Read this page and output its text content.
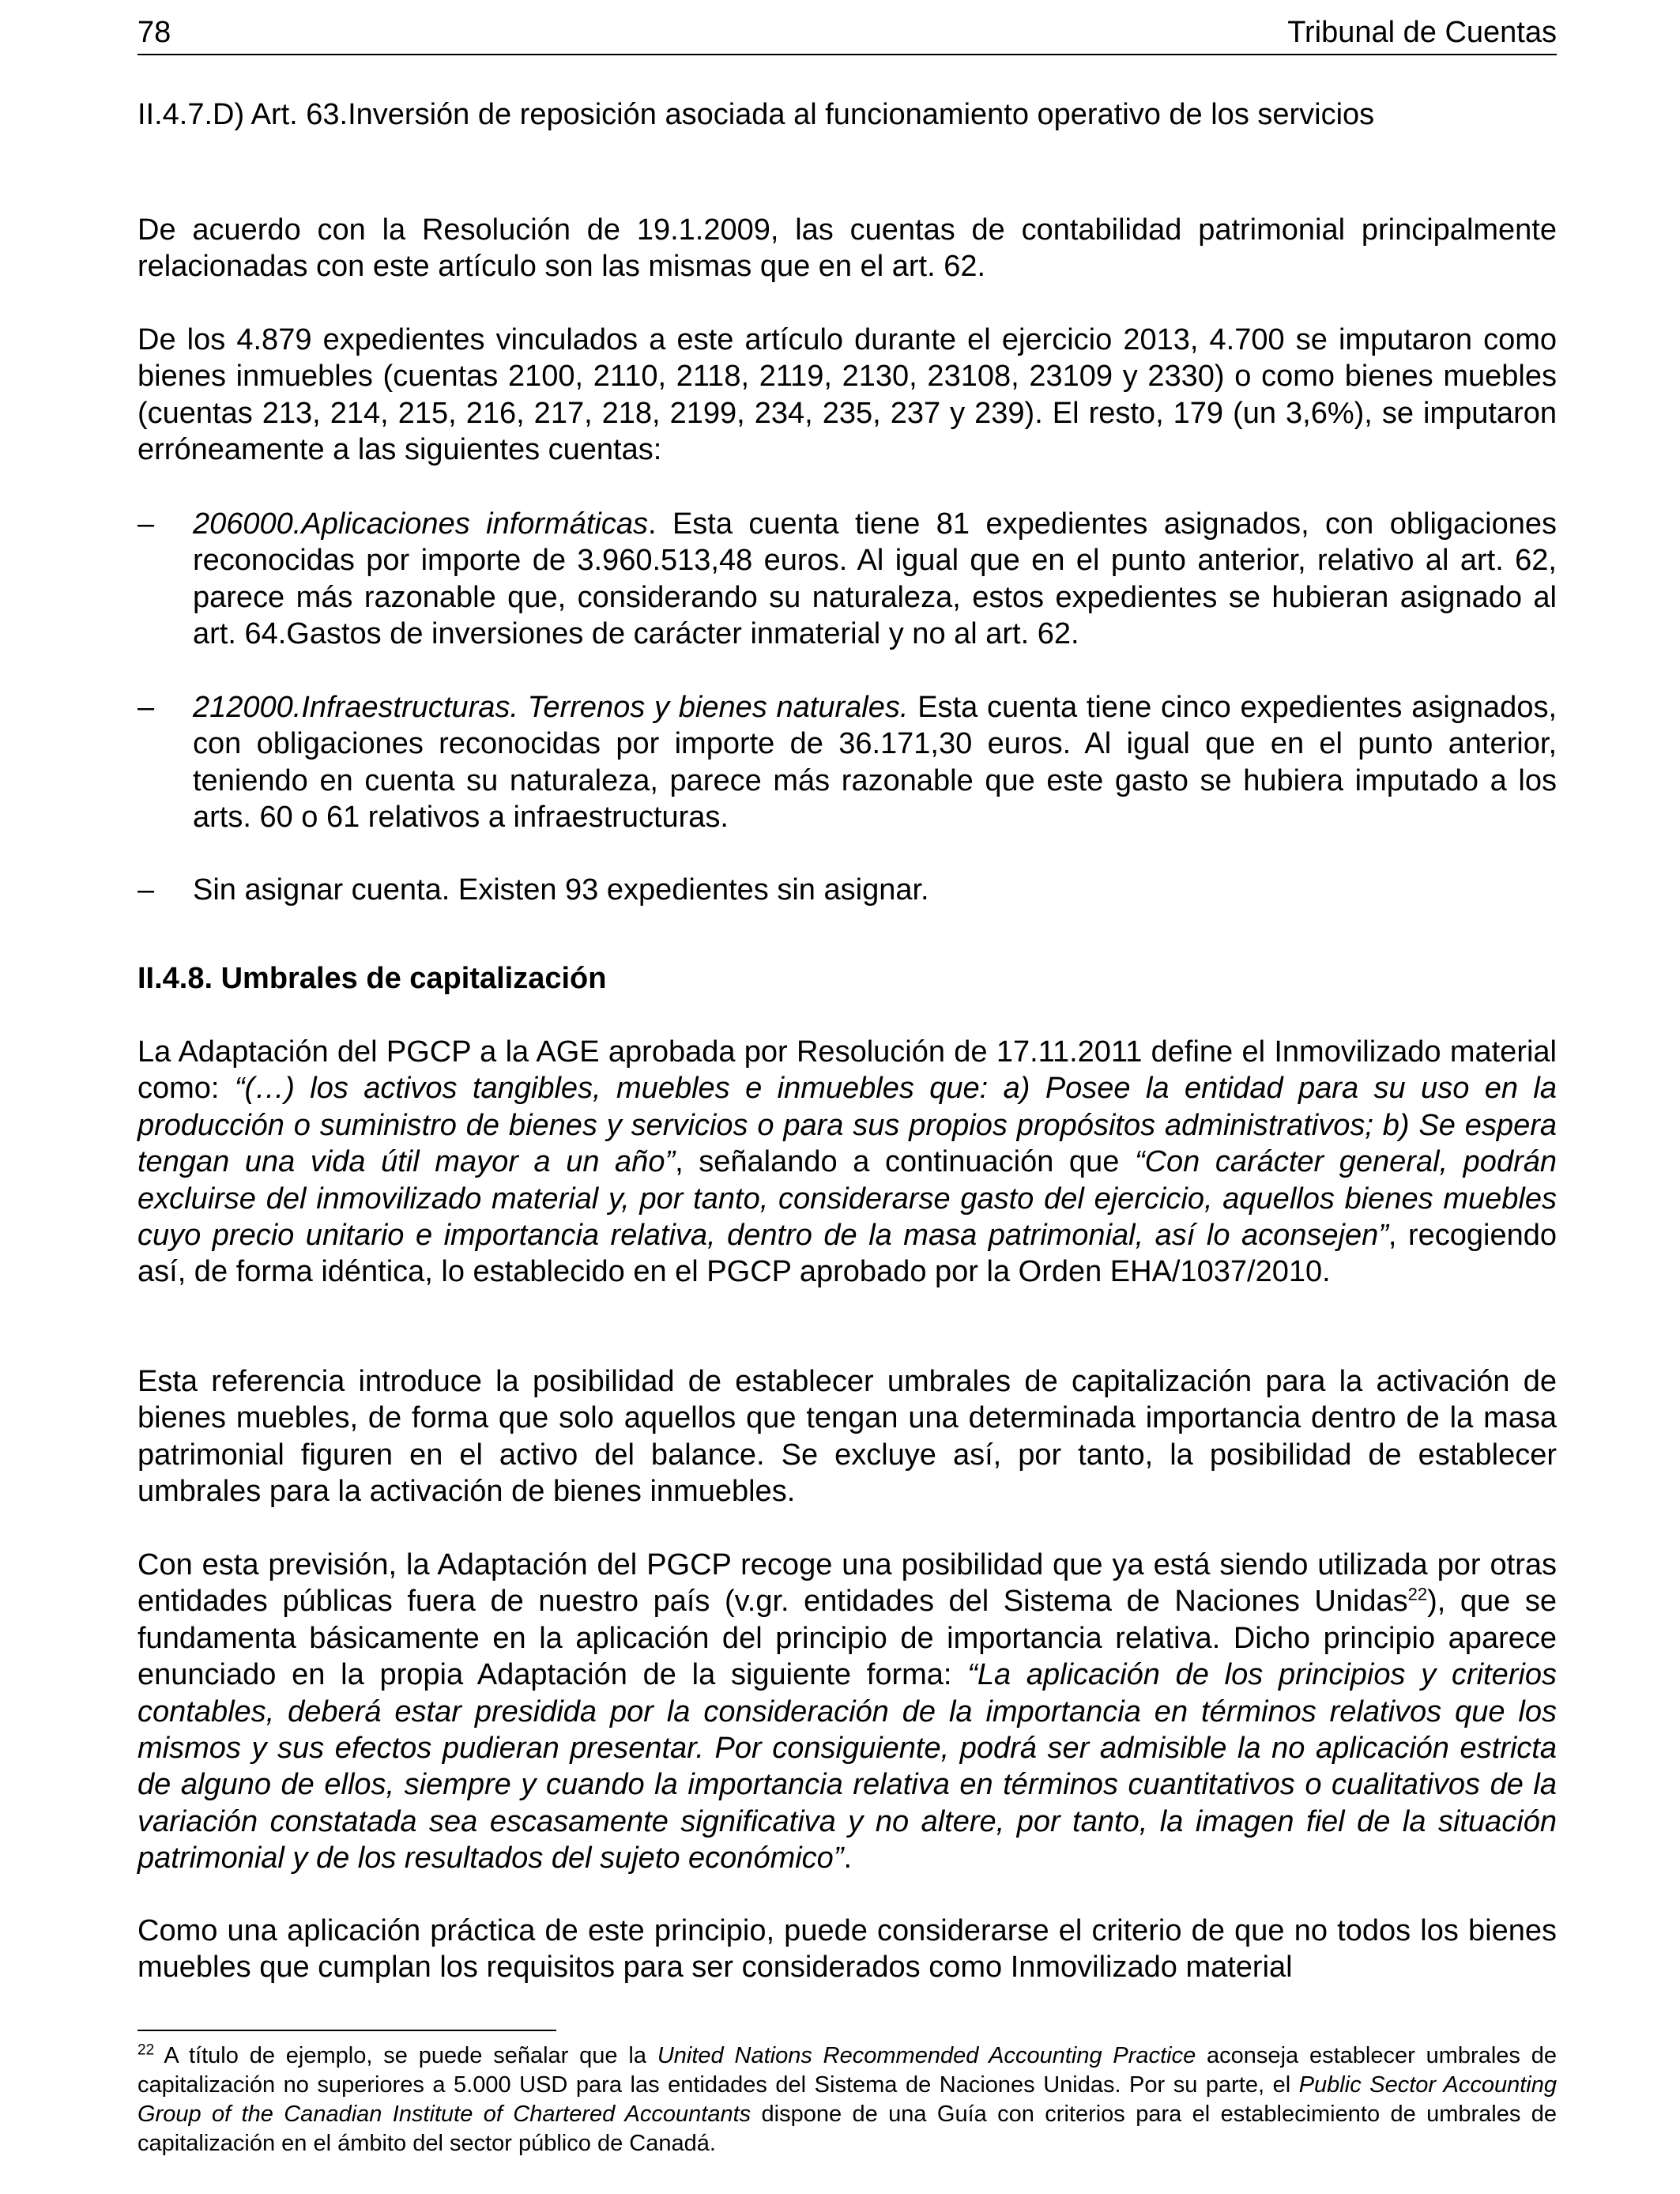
78	Tribunal de Cuentas

II.4.7.D) Art. 63.Inversión de reposición asociada al funcionamiento operativo de los servicios

De acuerdo con la Resolución de 19.1.2009, las cuentas de contabilidad patrimonial principalmente relacionadas con este artículo son las mismas que en el art. 62.

De los 4.879 expedientes vinculados a este artículo durante el ejercicio 2013, 4.700 se imputaron como bienes inmuebles (cuentas 2100, 2110, 2118, 2119, 2130, 23108, 23109 y 2330) o como bienes muebles (cuentas 213, 214, 215, 216, 217, 218, 2199, 234, 235, 237 y 239). El resto, 179 (un 3,6%), se imputaron erróneamente a las siguientes cuentas:

–	206000.Aplicaciones informáticas. Esta cuenta tiene 81 expedientes asignados, con obligaciones reconocidas por importe de 3.960.513,48 euros. Al igual que en el punto anterior, relativo al art. 62, parece más razonable que, considerando su naturaleza, estos expedientes se hubieran asignado al art. 64.Gastos de inversiones de carácter inmaterial y no al art. 62.

–	212000.Infraestructuras. Terrenos y bienes naturales. Esta cuenta tiene cinco expedientes asignados, con obligaciones reconocidas por importe de 36.171,30 euros. Al igual que en el punto anterior, teniendo en cuenta su naturaleza, parece más razonable que este gasto se hubiera imputado a los arts. 60 o 61 relativos a infraestructuras.

–	Sin asignar cuenta. Existen 93 expedientes sin asignar.

II.4.8. Umbrales de capitalización

La Adaptación del PGCP a la AGE aprobada por Resolución de 17.11.2011 define el Inmovilizado material como: “(…) los activos tangibles, muebles e inmuebles que: a) Posee la entidad para su uso en la producción o suministro de bienes y servicios o para sus propios propósitos administrativos; b) Se espera tengan una vida útil mayor a un año”, señalando a continuación que “Con carácter general, podrán excluirse del inmovilizado material y, por tanto, considerarse gasto del ejercicio, aquellos bienes muebles cuyo precio unitario e importancia relativa, dentro de la masa patrimonial, así lo aconsejen”, recogiendo así, de forma idéntica, lo establecido en el PGCP aprobado por la Orden EHA/1037/2010.

Esta referencia introduce la posibilidad de establecer umbrales de capitalización para la activación de bienes muebles, de forma que solo aquellos que tengan una determinada importancia dentro de la masa patrimonial figuren en el activo del balance. Se excluye así, por tanto, la posibilidad de establecer umbrales para la activación de bienes inmuebles.

Con esta previsión, la Adaptación del PGCP recoge una posibilidad que ya está siendo utilizada por otras entidades públicas fuera de nuestro país (v.gr. entidades del Sistema de Naciones Unidas$^{22}$), que se fundamenta básicamente en la aplicación del principio de importancia relativa. Dicho principio aparece enunciado en la propia Adaptación de la siguiente forma: “La aplicación de los principios y criterios contables, deberá estar presidida por la consideración de la importancia en términos relativos que los mismos y sus efectos pudieran presentar. Por consiguiente, podrá ser admisible la no aplicación estricta de alguno de ellos, siempre y cuando la importancia relativa en términos cuantitativos o cualitativos de la variación constatada sea escasamente significativa y no altere, por tanto, la imagen fiel de la situación patrimonial y de los resultados del sujeto económico”.

Como una aplicación práctica de este principio, puede considerarse el criterio de que no todos los bienes muebles que cumplan los requisitos para ser considerados como Inmovilizado material

$^{22}$ A título de ejemplo, se puede señalar que la United Nations Recommended Accounting Practice aconseja establecer umbrales de capitalización no superiores a 5.000 USD para las entidades del Sistema de Naciones Unidas. Por su parte, el Public Sector Accounting Group of the Canadian Institute of Chartered Accountants dispone de una Guía con criterios para el establecimiento de umbrales de capitalización en el ámbito del sector público de Canadá.
